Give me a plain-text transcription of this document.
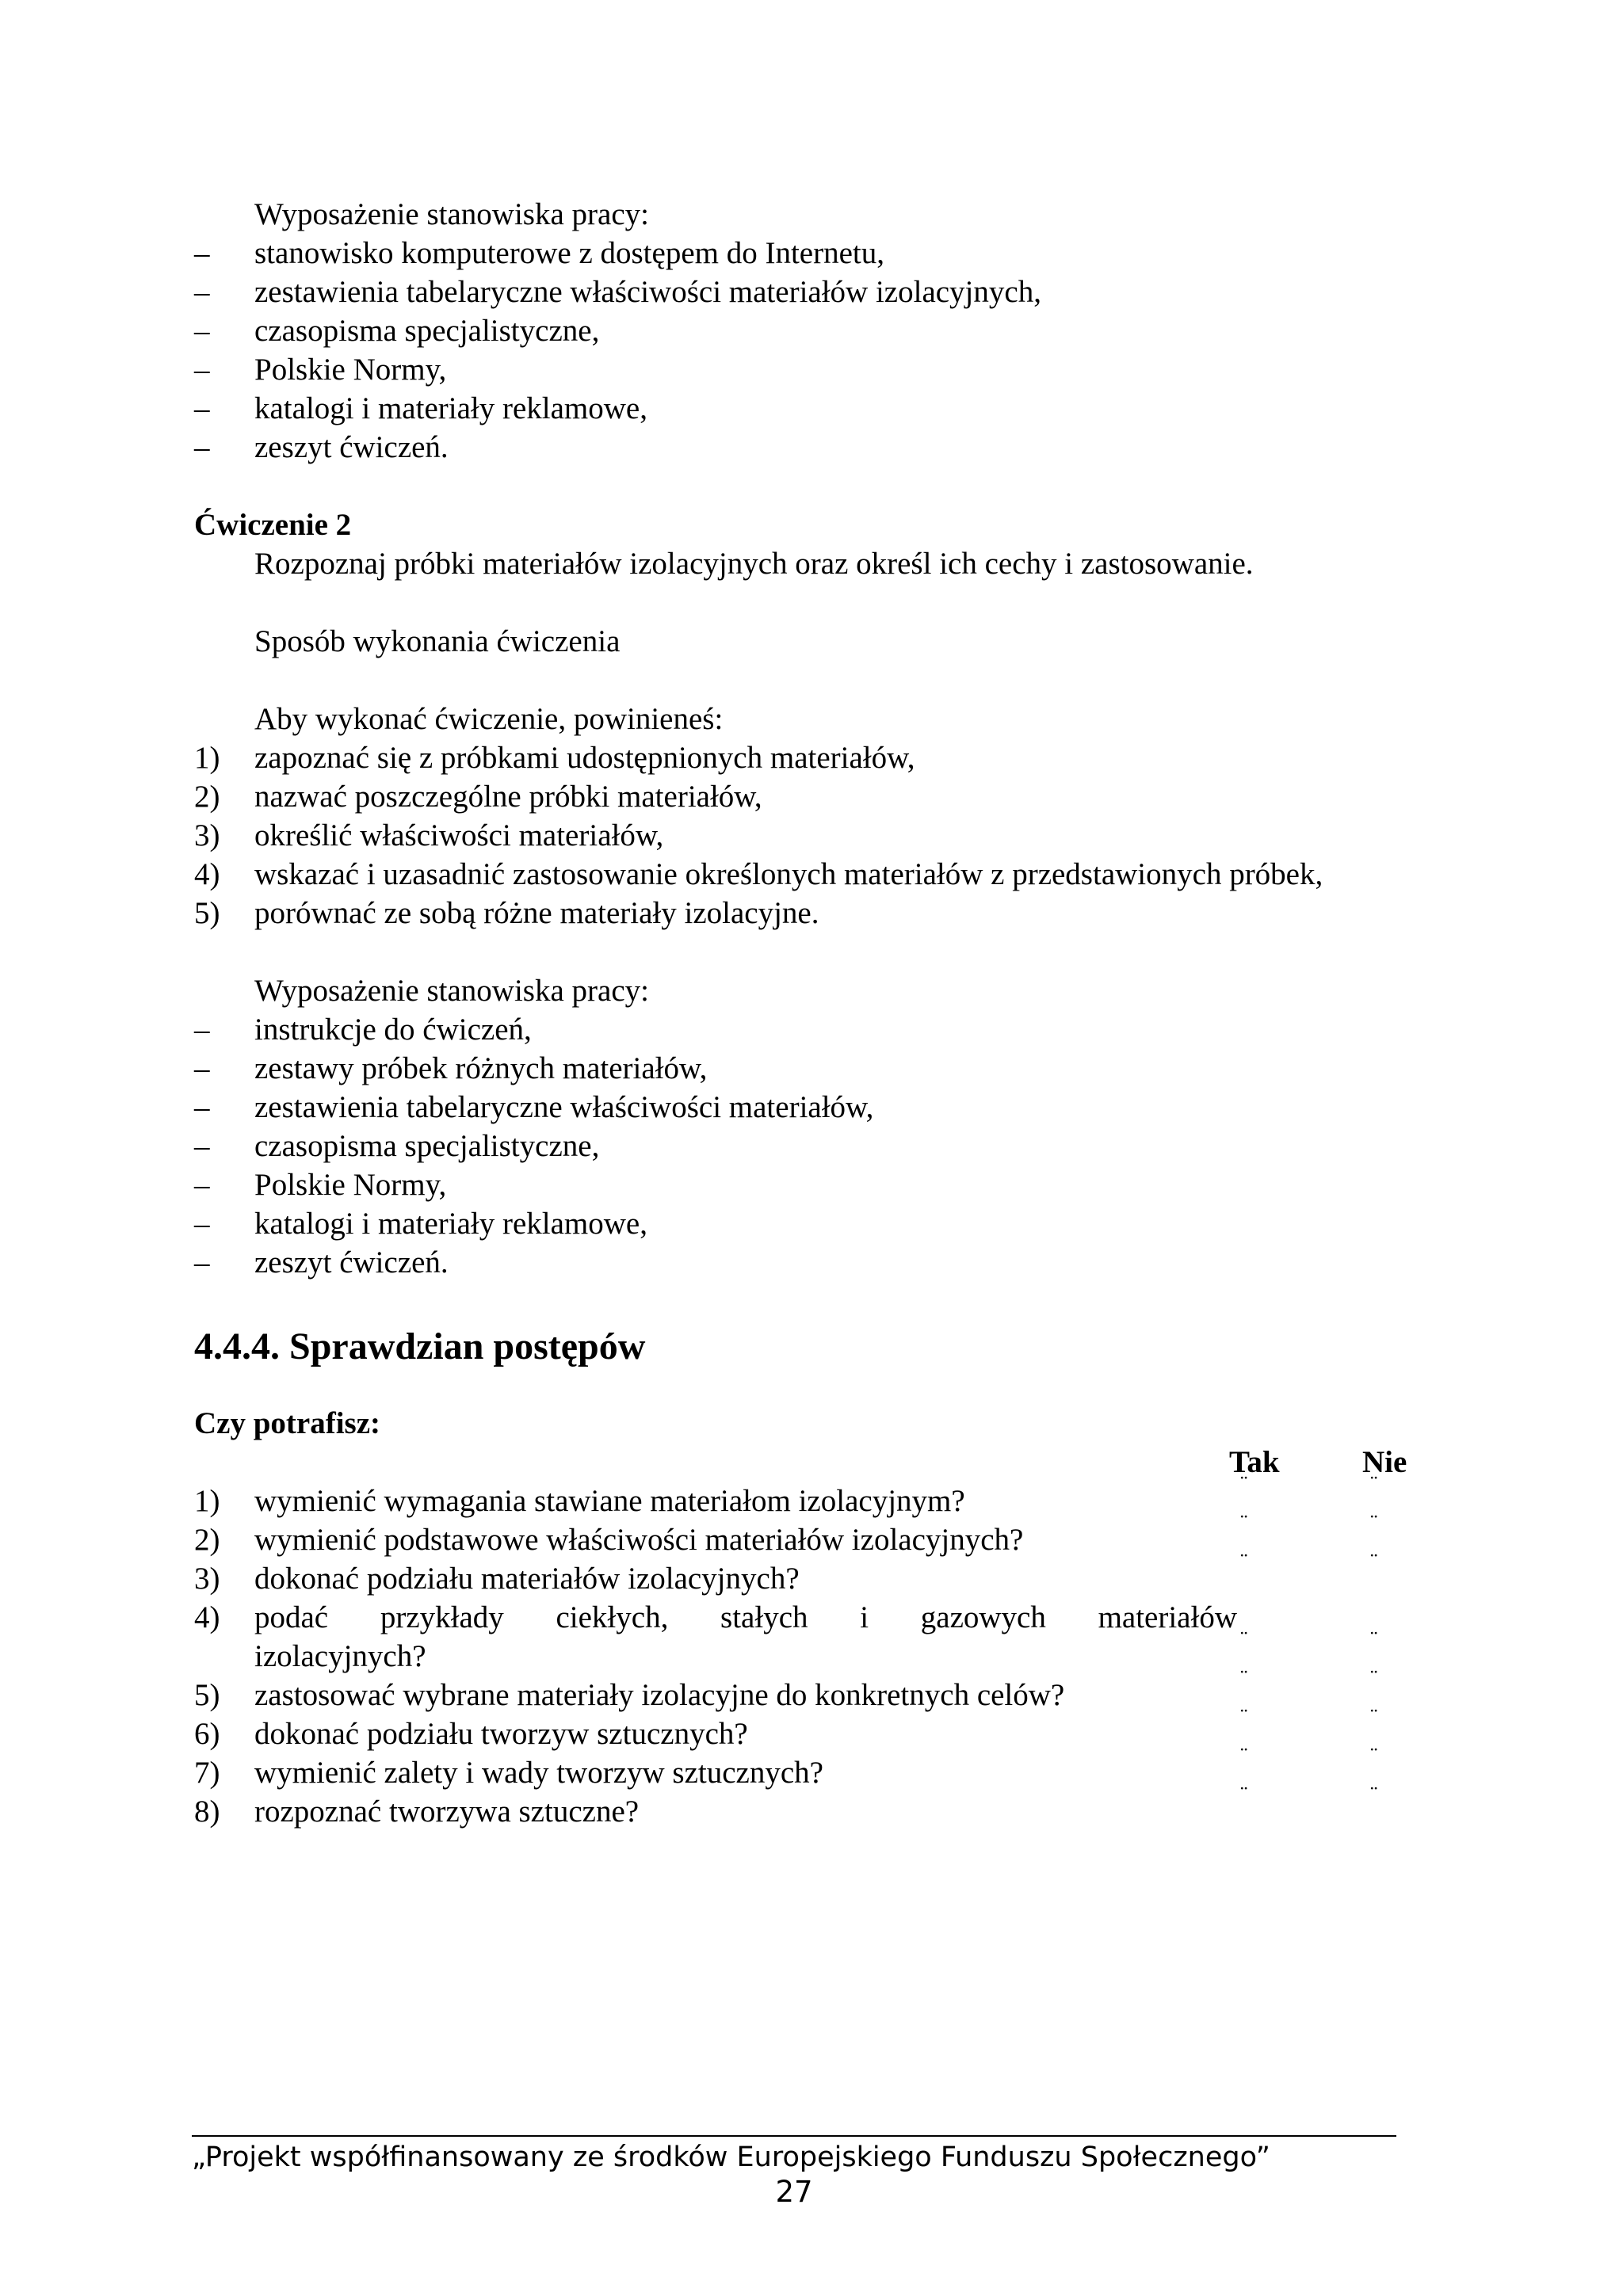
Wyposażenie stanowiska pracy:
–	stanowisko komputerowe z dostępem do Internetu,
–	zestawienia tabelaryczne właściwości materiałów izolacyjnych,
–	czasopisma specjalistyczne,
–	Polskie Normy,
–	katalogi i materiały reklamowe,
–	zeszyt ćwiczeń.
Ćwiczenie 2
Rozpoznaj próbki materiałów izolacyjnych oraz określ ich cechy i zastosowanie.
Sposób wykonania ćwiczenia
Aby wykonać ćwiczenie, powinieneś:
1)	zapoznać się z próbkami udostępnionych materiałów,
2)	nazwać poszczególne próbki materiałów,
3)	określić właściwości materiałów,
4)	wskazać i uzasadnić zastosowanie określonych materiałów z przedstawionych próbek,
5)	porównać ze sobą różne materiały izolacyjne.
Wyposażenie stanowiska pracy:
–	instrukcje do ćwiczeń,
–	zestawy próbek różnych materiałów,
–	zestawienia tabelaryczne właściwości materiałów,
–	czasopisma specjalistyczne,
–	Polskie Normy,
–	katalogi i materiały reklamowe,
–	zeszyt ćwiczeń.
4.4.4. Sprawdzian postępów
Czy potrafisz:
Tak	Nie
1)	wymienić wymagania stawiane materiałom izolacyjnym?	¨	¨
2)	wymienić podstawowe właściwości materiałów izolacyjnych?	¨	¨
3)	dokonać podziału materiałów izolacyjnych?	¨	¨
4)	podać przykłady ciekłych, stałych i gazowych materiałów
izolacyjnych?	¨	¨
5)	zastosować wybrane materiały izolacyjne do konkretnych celów?	¨	¨
6)	dokonać podziału tworzyw sztucznych?	¨	¨
7)	wymienić zalety i wady tworzyw sztucznych?	¨	¨
8)	rozpoznać tworzywa sztuczne?	¨	¨
„Projekt współfinansowany ze środków Europejskiego Funduszu Społecznego”
27
